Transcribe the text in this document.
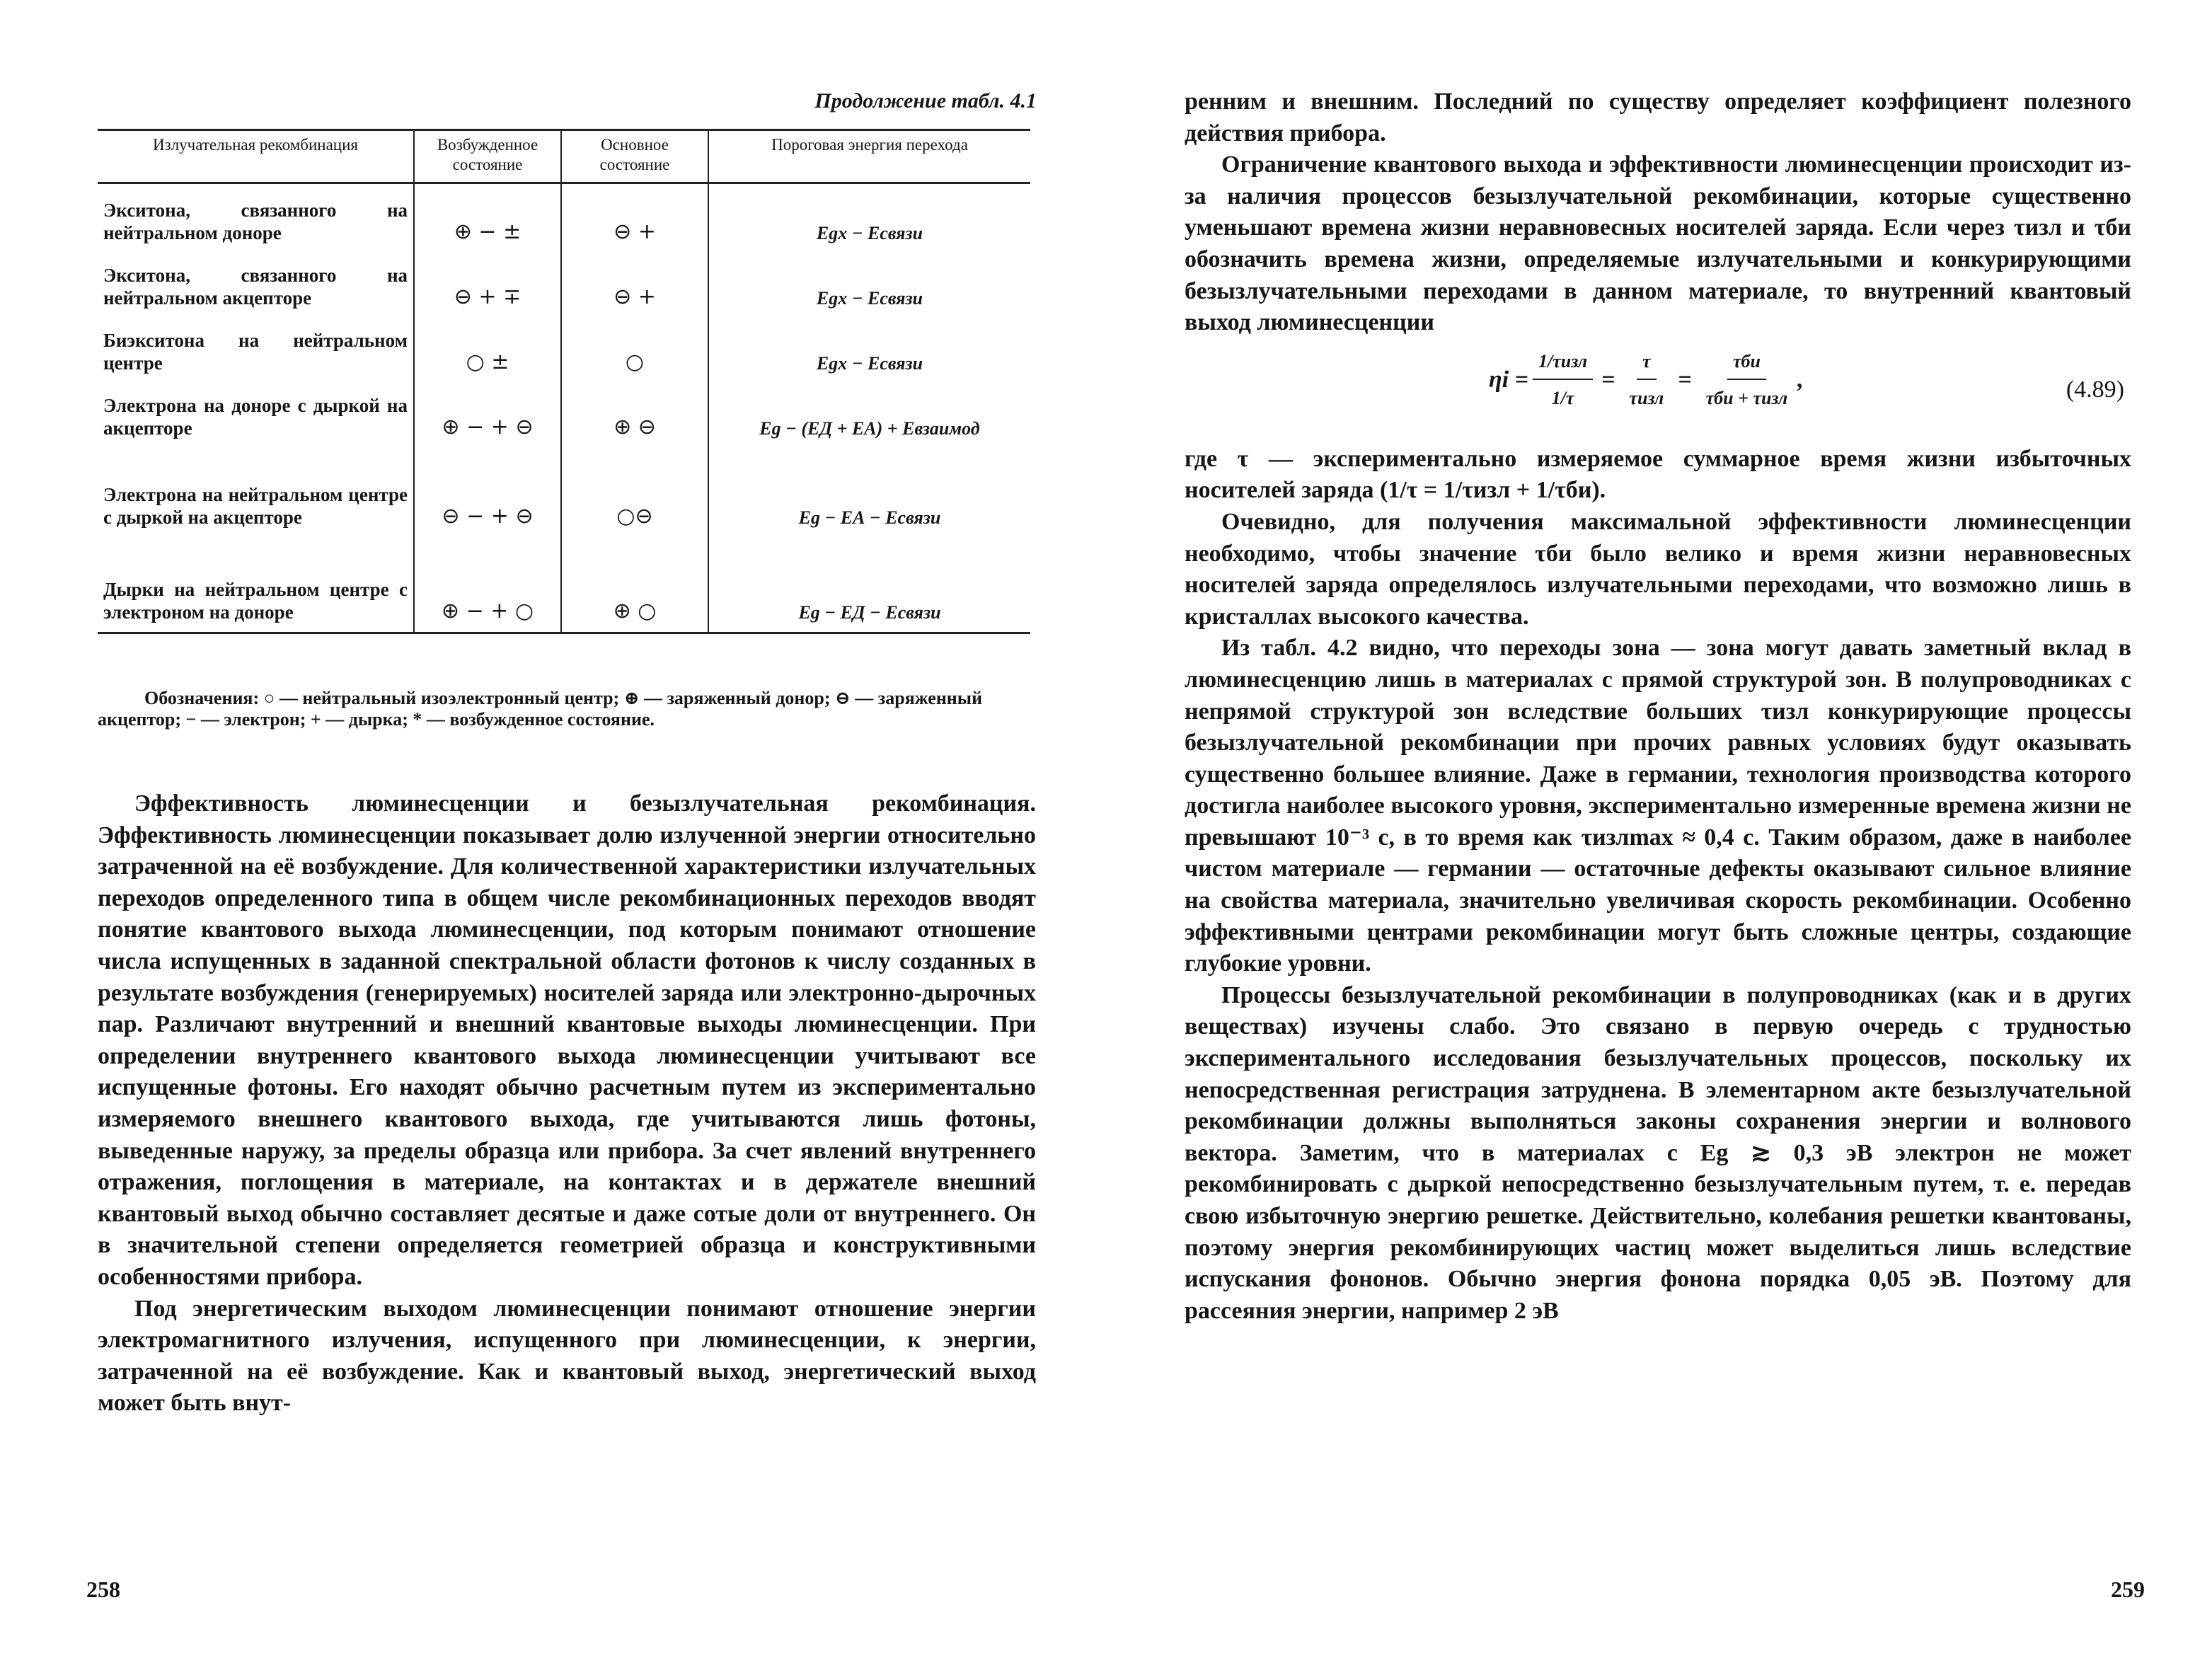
Продолжение табл. 4.1
Излучательная рекомбинация	Возбужденное состояние	Основное состояние	Пороговая энергия перехода
Экситона, связанного на нейтральном доноре	⊕ − ±	⊖ +	Egx − Eсвязи
Экситона, связанного на нейтральном акцепторе	⊖ + ∓	⊖ +	Egx − Eсвязи
Биэкситона на нейтральном центре	○ ±	○	Egx − Eсвязи
Электрона на доноре с дыркой на акцепторе	⊕ − + ⊖	⊕ ⊖	Eg − (EД + EА) + Eвзаимод
Электрона на нейтральном центре с дыркой на акцепторе	⊖ − + ⊖	○⊖	Eg − EА − Eсвязи
Дырки на нейтральном центре с электроном на доноре	⊕ − + ○	⊕ ○	Eg − EД − Eсвязи
Обозначения: ○ — нейтральный изоэлектронный центр; ⊕ — заряженный донор; ⊖ — заряженный акцептор; − — электрон; + — дырка; * — возбужденное состояние.

Эффективность люминесценции и безызлучательная рекомбинация. Эффективность люминесценции показывает долю излученной энергии относительно затраченной на её возбуждение. Для количественной характеристики излучательных переходов определенного типа в общем числе рекомбинационных переходов вводят понятие квантового выхода люминесценции, под которым понимают отношение числа испущенных в заданной спектральной области фотонов к числу созданных в результате возбуждения (генерируемых) носителей заряда или электронно-дырочных пар. Различают внутренний и внешний квантовые выходы люминесценции. При определении внутреннего квантового выхода люминесценции учитывают все испущенные фотоны. Его находят обычно расчетным путем из экспериментально измеряемого внешнего квантового выхода, где учитываются лишь фотоны, выведенные наружу, за пределы образца или прибора. За счет явлений внутреннего отражения, поглощения в материале, на контактах и в держателе внешний квантовый выход обычно составляет десятые и даже сотые доли от внутреннего. Он в значительной степени определяется геометрией образца и конструктивными особенностями прибора.

Под энергетическим выходом люминесценции понимают отношение энергии электромагнитного излучения, испущенного при люминесценции, к энергии, затраченной на её возбуждение. Как и квантовый выход, энергетический выход может быть внут-

258

ренним и внешним. Последний по существу определяет коэффициент полезного действия прибора.

Ограничение квантового выхода и эффективности люминесценции происходит из-за наличия процессов безызлучательной рекомбинации, которые существенно уменьшают времена жизни неравновесных носителей заряда. Если через τизл и τби обозначить времена жизни, определяемые излучательными и конкурирующими безызлучательными переходами в данном материале, то внутренний квантовый выход люминесценции

$\eta i = \frac{\text{1/τизл}}{1/\tau} = \frac{\tau}{\text{τизл}} = \frac{\text{τби}}{\text{τби + τизл}}$ ,	(4.89)

где τ — экспериментально измеряемое суммарное время жизни избыточных носителей заряда (1/τ = 1/τизл + 1/τби).

Очевидно, для получения максимальной эффективности люминесценции необходимо, чтобы значение τби было велико и время жизни неравновесных носителей заряда определялось излучательными переходами, что возможно лишь в кристаллах высокого качества.

Из табл. 4.2 видно, что переходы зона — зона могут давать заметный вклад в люминесценцию лишь в материалах с прямой структурой зон. В полупроводниках с непрямой структурой зон вследствие больших τизл конкурирующие процессы безызлучательной рекомбинации при прочих равных условиях будут оказывать существенно большее влияние. Даже в германии, технология производства которого достигла наиболее высокого уровня, экспериментально измеренные времена жизни не превышают 10⁻³ с, в то время как τизлmax ≈ 0,4 с. Таким образом, даже в наиболее чистом материале — германии — остаточные дефекты оказывают сильное влияние на свойства материала, значительно увеличивая скорость рекомбинации. Особенно эффективными центрами рекомбинации могут быть сложные центры, создающие глубокие уровни.

Процессы безызлучательной рекомбинации в полупроводниках (как и в других веществах) изучены слабо. Это связано в первую очередь с трудностью экспериментального исследования безызлучательных процессов, поскольку их непосредственная регистрация затруднена. В элементарном акте безызлучательной рекомбинации должны выполняться законы сохранения энергии и волнового вектора. Заметим, что в материалах с Eg ≳ 0,3 эВ электрон не может рекомбинировать с дыркой непосредственно безызлучательным путем, т. е. передав свою избыточную энергию решетке. Действительно, колебания решетки квантованы, поэтому энергия рекомбинирующих частиц может выделиться лишь вследствие испускания фононов. Обычно энергия фонона порядка 0,05 эВ. Поэтому для рассеяния энергии, например 2 эВ

259
